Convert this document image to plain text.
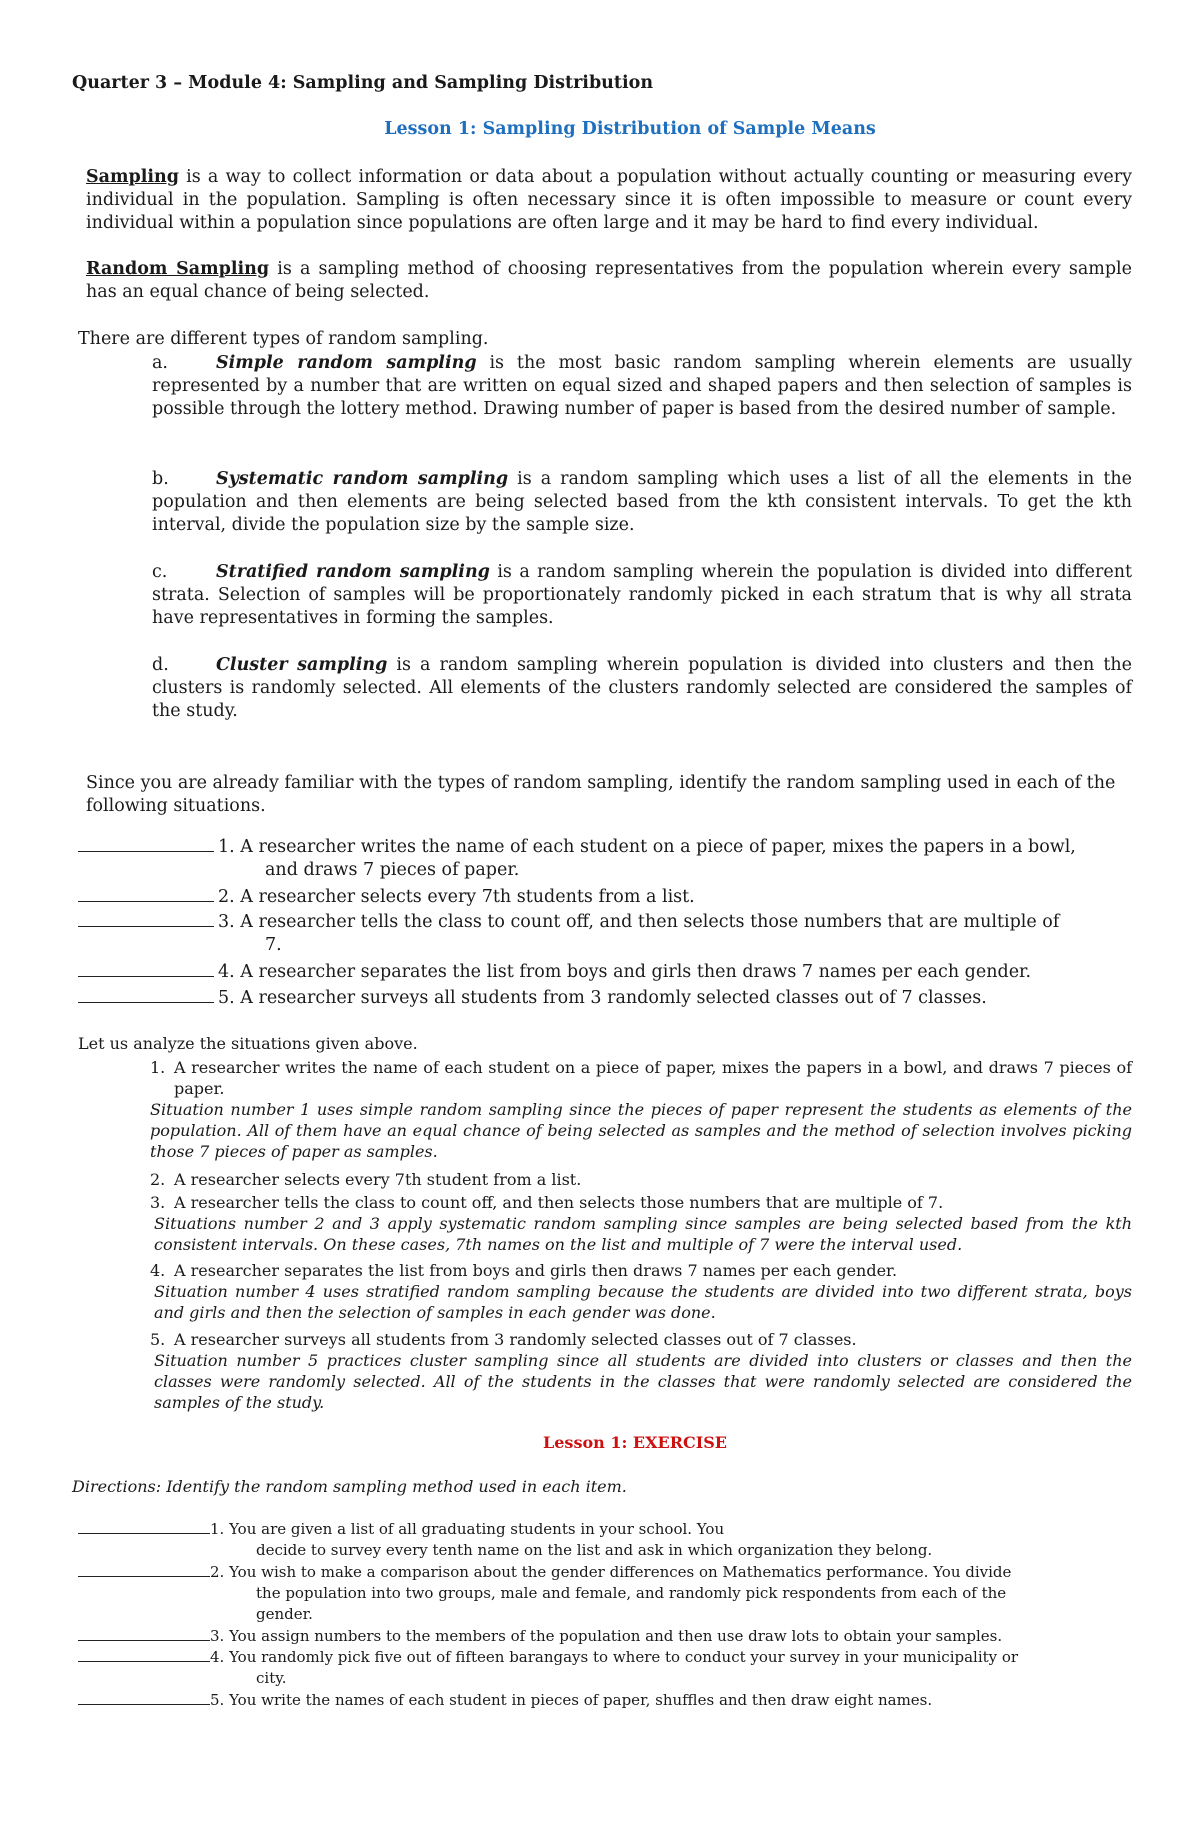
Quarter 3 – Module 4: Sampling and Sampling Distribution
Lesson 1: Sampling Distribution of Sample Means
Sampling is a way to collect information or data about a population without actually counting or measuring every individual in the population. Sampling is often necessary since it is often impossible to measure or count every individual within a population since populations are often large and it may be hard to find every individual.
Random Sampling is a sampling method of choosing representatives from the population wherein every sample has an equal chance of being selected.
There are different types of random sampling.
a.	Simple random sampling is the most basic random sampling wherein elements are usually represented by a number that are written on equal sized and shaped papers and then selection of samples is possible through the lottery method. Drawing number of paper is based from the desired number of sample.
b.	Systematic random sampling is a random sampling which uses a list of all the elements in the population and then elements are being selected based from the kth consistent intervals. To get the kth interval, divide the population size by the sample size.
c.	Stratified random sampling is a random sampling wherein the population is divided into different strata. Selection of samples will be proportionately randomly picked in each stratum that is why all strata have representatives in forming the samples.
d.	Cluster sampling is a random sampling wherein population is divided into clusters and then the clusters is randomly selected. All elements of the clusters randomly selected are considered the samples of the study.
Since you are already familiar with the types of random sampling, identify the random sampling used in each of the following situations.
1. A researcher writes the name of each student on a piece of paper, mixes the papers in a bowl,
and draws 7 pieces of paper.
2. A researcher selects every 7th students from a list.
3. A researcher tells the class to count off, and then selects those numbers that are multiple of
7.
4. A researcher separates the list from boys and girls then draws 7 names per each gender.
5. A researcher surveys all students from 3 randomly selected classes out of 7 classes.
Let us analyze the situations given above.
1. A researcher writes the name of each student on a piece of paper, mixes the papers in a bowl, and draws 7 pieces of paper.
Situation number 1 uses simple random sampling since the pieces of paper represent the students as elements of the population. All of them have an equal chance of being selected as samples and the method of selection involves picking those 7 pieces of paper as samples.
2. A researcher selects every 7th student from a list.
3. A researcher tells the class to count off, and then selects those numbers that are multiple of 7.
Situations number 2 and 3 apply systematic random sampling since samples are being selected based from the kth consistent intervals. On these cases, 7th names on the list and multiple of 7 were the interval used.
4. A researcher separates the list from boys and girls then draws 7 names per each gender.
Situation number 4 uses stratified random sampling because the students are divided into two different strata, boys and girls and then the selection of samples in each gender was done.
5. A researcher surveys all students from 3 randomly selected classes out of 7 classes.
Situation number 5 practices cluster sampling since all students are divided into clusters or classes and then the classes were randomly selected. All of the students in the classes that were randomly selected are considered the samples of the study.
Lesson 1: EXERCISE
Directions: Identify the random sampling method used in each item.
1. You are given a list of all graduating students in your school. You
decide to survey every tenth name on the list and ask in which organization they belong.
2. You wish to make a comparison about the gender differences on Mathematics performance. You divide
the population into two groups, male and female, and randomly pick respondents from each of the
gender.
3. You assign numbers to the members of the population and then use draw lots to obtain your samples.
4. You randomly pick five out of fifteen barangays to where to conduct your survey in your municipality or
city.
5. You write the names of each student in pieces of paper, shuffles and then draw eight names.
